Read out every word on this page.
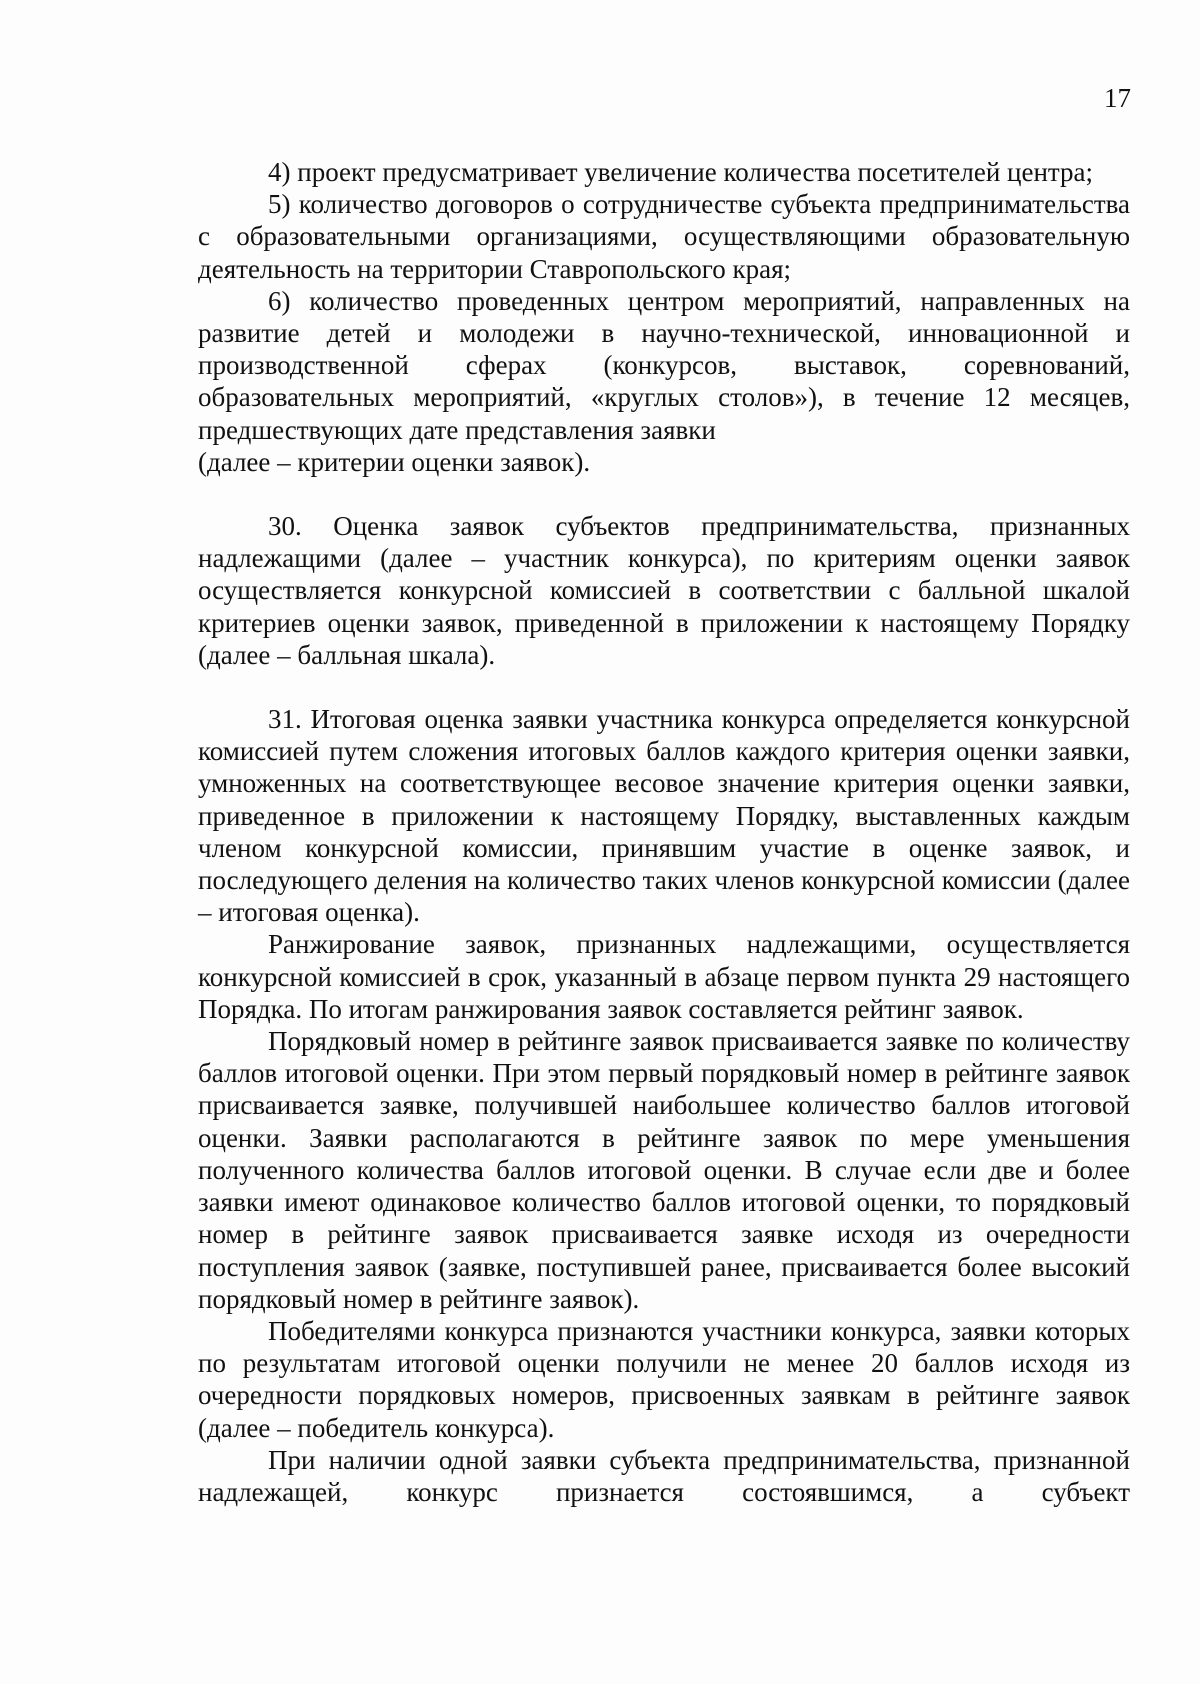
17

4) проект предусматривает увеличение количества посетителей центра;

5) количество договоров о сотрудничестве субъекта предпринимательства с образовательными организациями, осуществляющими образовательную деятельность на территории Ставропольского края;

6) количество проведенных центром мероприятий, направленных на развитие детей и молодежи в научно-технической, инновационной и производственной сферах (конкурсов, выставок, соревнований, образовательных мероприятий, «круглых столов»), в течение 12 месяцев, предшествующих дате представления заявки

(далее – критерии оценки заявок).

30. Оценка заявок субъектов предпринимательства, признанных надлежащими (далее – участник конкурса), по критериям оценки заявок осуществляется конкурсной комиссией в соответствии с балльной шкалой критериев оценки заявок, приведенной в приложении к настоящему Порядку (далее – балльная шкала).

31. Итоговая оценка заявки участника конкурса определяется конкурсной комиссией путем сложения итоговых баллов каждого критерия оценки заявки, умноженных на соответствующее весовое значение критерия оценки заявки, приведенное в приложении к настоящему Порядку, выставленных каждым членом конкурсной комиссии, принявшим участие в оценке заявок, и последующего деления на количество таких членов конкурсной комиссии (далее – итоговая оценка).

Ранжирование заявок, признанных надлежащими, осуществляется конкурсной комиссией в срок, указанный в абзаце первом пункта 29 настоящего Порядка. По итогам ранжирования заявок составляется рейтинг заявок.

Порядковый номер в рейтинге заявок присваивается заявке по количеству баллов итоговой оценки. При этом первый порядковый номер в рейтинге заявок присваивается заявке, получившей наибольшее количество баллов итоговой оценки. Заявки располагаются в рейтинге заявок по мере уменьшения полученного количества баллов итоговой оценки. В случае если две и более заявки имеют одинаковое количество баллов итоговой оценки, то порядковый номер в рейтинге заявок присваивается заявке исходя из очередности поступления заявок (заявке, поступившей ранее, присваивается более высокий порядковый номер в рейтинге заявок).

Победителями конкурса признаются участники конкурса, заявки которых по результатам итоговой оценки получили не менее 20 баллов исходя из очередности порядковых номеров, присвоенных заявкам в рейтинге заявок (далее – победитель конкурса).

При наличии одной заявки субъекта предпринимательства, признанной надлежащей, конкурс признается состоявшимся, а субъект
